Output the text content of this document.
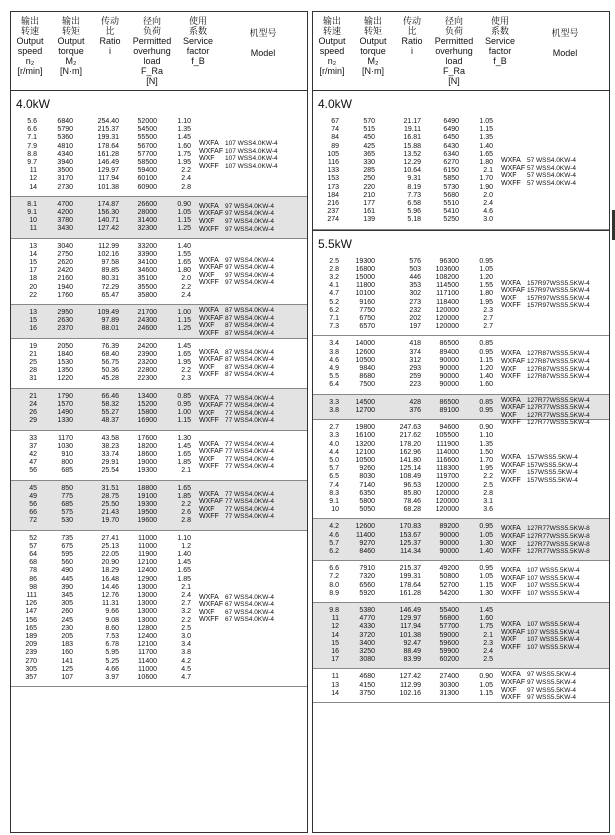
输出
转速
Output
speed
n₂
[r/min]
输出
转矩
Output
torque
M₂
[N·m]
传动
比
Ratio
i
径向
负荷
Permitted
overhung
load
F_Ra
[N]
使用
系数
Service
factor
f_B
机型号

Model
4.0kW
5.6	6840	254.40	52000	1.10
6.6	5790	215.37	54500	1.35
7.1	5360	199.31	55500	1.45
7.9	4810	178.64	56700	1.60
8.8	4340	161.28	57700	1.75
9.7	3940	146.49	58500	1.95
11	3500	129.97	59400	2.2
12	3170	117.94	60100	2.4
14	2730	101.38	60900	2.8
WXFA 107 WSS4.0KW-4
WXFAF 107 WSS4.0KW-4
WXF	107 WSS4.0KW-4
WXFF 107 WSS4.0KW-4
8.1	4700	174.87	26600	0.90
9.1	4200	156.30	28000	1.05
10	3780	140.71	31400	1.15
11	3430	127.42	32300	1.25
WXFA 97 WSS4.0KW-4
WXFAF 97 WSS4.0KW-4
WXF	97 WSS4.0KW-4
WXFF 97 WSS4.0KW-4
13	3040	112.99	33200	1.40
14	2750	102.16	33900	1.55
15	2620	97.58	34100	1.65
17	2420	89.85	34600	1.80
18	2160	80.31	35100	2.0
20	1940	72.29	35500	2.2
22	1760	65.47	35800	2.4
WXFA 97 WSS4.0KW-4
WXFAF 97 WSS4.0KW-4
WXF	97 WSS4.0KW-4
WXFF 97 WSS4.0KW-4
13	2950	109.49	21700	1.00
15	2630	97.89	24300	1.15
16	2370	88.01	24600	1.25
WXFA 87 WSS4.0KW-4
WXFAF 87 WSS4.0KW-4
WXF	87 WSS4.0KW-4
WXFF 87 WSS4.0KW-4
19	2050	76.39	24200	1.45
21	1840	68.40	23900	1.65
25	1530	56.75	23200	1.95
28	1350	50.36	22800	2.2
31	1220	45.28	22300	2.3
WXFA 87 WSS4.0KW-4
WXFAF 87 WSS4.0KW-4
WXF	87 WSS4.0KW-4
WXFF 87 WSS4.0KW-4
21	1790	66.46	13400	0.85
24	1570	58.32	15200	0.95
26	1490	55.27	15800	1.00
29	1330	48.37	16900	1.15
WXFA 77 WSS4.0KW-4
WXFAF 77 WSS4.0KW-4
WXF	77 WSS4.0KW-4
WXFF 77 WSS4.0KW-4
33	1170	43.58	17600	1.30
37	1030	38.23	18200	1.45
42	910	33.74	18600	1.65
47	800	29.91	19000	1.85
56	685	25.54	19300	2.1
WXFA 77 WSS4.0KW-4
WXFAF 77 WSS4.0KW-4
WXF	77 WSS4.0KW-4
WXFF 77 WSS4.0KW-4
45	850	31.51	18800	1.65
49	775	28.75	19100	1.85
56	685	25.50	19300	2.2
66	575	21.43	19500	2.6
72	530	19.70	19600	2.8
WXFA 77 WSS4.0KW-4
WXFAF 77 WSS4.0KW-4
WXF	77 WSS4.0KW-4
WXFF 77 WSS4.0KW-4
52	735	27.41	11000	1.10
57	675	25.13	11000	1.2
64	595	22.05	11900	1.40
68	560	20.90	12100	1.45
78	490	18.29	12400	1.65
86	445	16.48	12900	1.85
98	390	14.46	13000	2.1
111	345	12.76	13000	2.4
126	305	11.31	13000	2.7
147	260	9.66	13000	3.2
156	245	9.08	13000	2.2
165	230	8.60	12800	2.5
189	205	7.53	12400	3.0
209	183	6.78	12100	3.4
239	160	5.95	11700	3.8
270	141	5.25	11400	4.2
305	125	4.66	11000	4.5
357	107	3.97	10600	4.7
WXFA 67 WSS4.0KW-4
WXFAF 67 WSS4.0KW-4
WXF	67 WSS4.0KW-4
WXFF 67 WSS4.0KW-4
输出
转速
Output
speed
n₂
[r/min]
输出
转矩
Output
torque
M₂
[N·m]
传动
比
Ratio
i
径向
负荷
Permitted
overhung
load
F_Ra
[N]
使用
系数
Service
factor
f_B
机型号

Model
4.0kW
67	570	21.17	6490	1.05
74	515	19.11	6490	1.15
84	450	16.81	6450	1.35
89	425	15.88	6430	1.40
105	365	13.52	6340	1.65
116	330	12.29	6270	1.80
133	285	10.64	6150	2.1
153	250	9.31	5850	1.70
173	220	8.19	5730	1.90
184	210	7.73	5680	2.0
216	177	6.58	5510	2.4
237	161	5.96	5410	4.6
274	139	5.18	5250	3.0
WXFA 57 WSS4.0KW-4
WXFAF 57 WSS4.0KW-4
WXF	57 WSS4.0KW-4
WXFF 57 WSS4.0KW-4
5.5kW
2.5	19300	576	96300	0.95
2.8	16800	503	103600	1.05
3.2	15000	446	108200	1.20
4.1	11800	353	114500	1.55
4.7	10100	302	117100	1.80
5.2	9160	273	118400	1.95
6.2	7750	232	120000	2.3
7.1	6750	202	120000	2.7
7.3	6570	197	120000	2.7
WXFA 157R97WSS5.5KW-4
WXFAF 157R97WSS5.5KW-4
WXF	157R97WSS5.5KW-4
WXFF 157R97WSS5.5KW-4
3.4	14000	418	86500	0.85
3.8	12600	374	89400	0.95
4.6	10500	312	90000	1.15
4.9	9840	293	90000	1.20
5.5	8680	259	90000	1.40
6.4	7500	223	90000	1.60
WXFA 127R87WSS5.5KW-4
WXFAF 127R87WSS5.5KW-4
WXF	127R87WSS5.5KW-4
WXFF 127R87WSS5.5KW-4
3.3	14500	428	86500	0.85
3.8	12700	376	89100	0.95
WXFA 127R77WSS5.5KW-4
WXFAF 127R77WSS5.5KW-4
WXF	127R77WSS5.5KW-4
WXFF 127R77WSS5.5KW-4
2.7	19800	247.63	94600	0.90
3.3	16100	217.62	105500	1.10
4.0	13200	178.20	111900	1.35
4.4	12100	162.96	114000	1.50
5.0	10500	141.80	116600	1.70
5.7	9260	125.14	118300	1.95
6.5	8030	108.49	119700	2.2
7.4	7140	96.53	120000	2.5
8.3	6350	85.80	120000	2.8
9.1	5800	78.46	120000	3.1
10	5050	68.28	120000	3.6
WXFA 157WSS5.5KW-4
WXFAF 157WSS5.5KW-4
WXF	157WSS5.5KW-4
WXFF 157WSS5.5KW-4
4.2	12600	170.83	89200	0.95
4.6	11400	153.67	90000	1.05
5.7	9270	125.37	90000	1.30
6.2	8460	114.34	90000	1.40
WXFA 127R77WSS5.5KW-8
WXFAF 127R77WSS5.5KW-8
WXF	127R77WSS5.5KW-8
WXFF 127R77WSS5.5KW-8
6.6	7910	215.37	49200	0.95
7.2	7320	199.31	50800	1.05
8.0	6560	178.64	52700	1.15
8.9	5920	161.28	54200	1.30
WXFA 107 WSS5.5KW-4
WXFAF 107 WSS5.5KW-4
WXF	107 WSS5.5KW-4
WXFF 107 WSS5.5KW-4
9.8	5380	146.49	55400	1.45
11	4770	129.97	56800	1.60
12	4330	117.94	57700	1.75
14	3720	101.38	59000	2.1
15	3400	92.47	59600	2.3
16	3250	88.49	59900	2.4
17	3080	83.99	60200	2.5
WXFA 107 WSS5.5KW-4
WXFAF 107 WSS5.5KW-4
WXF	107 WSS5.5KW-4
WXFF 107 WSS5.5KW-4
11	4680	127.42	27400	0.90
13	4150	112.99	30300	1.05
14	3750	102.16	31300	1.15
WXFA 97 WSS5.5KW-4
WXFAF 97 WSS5.5KW-4
WXF	97 WSS5.5KW-4
WXFF 97 WSS5.5KW-4
